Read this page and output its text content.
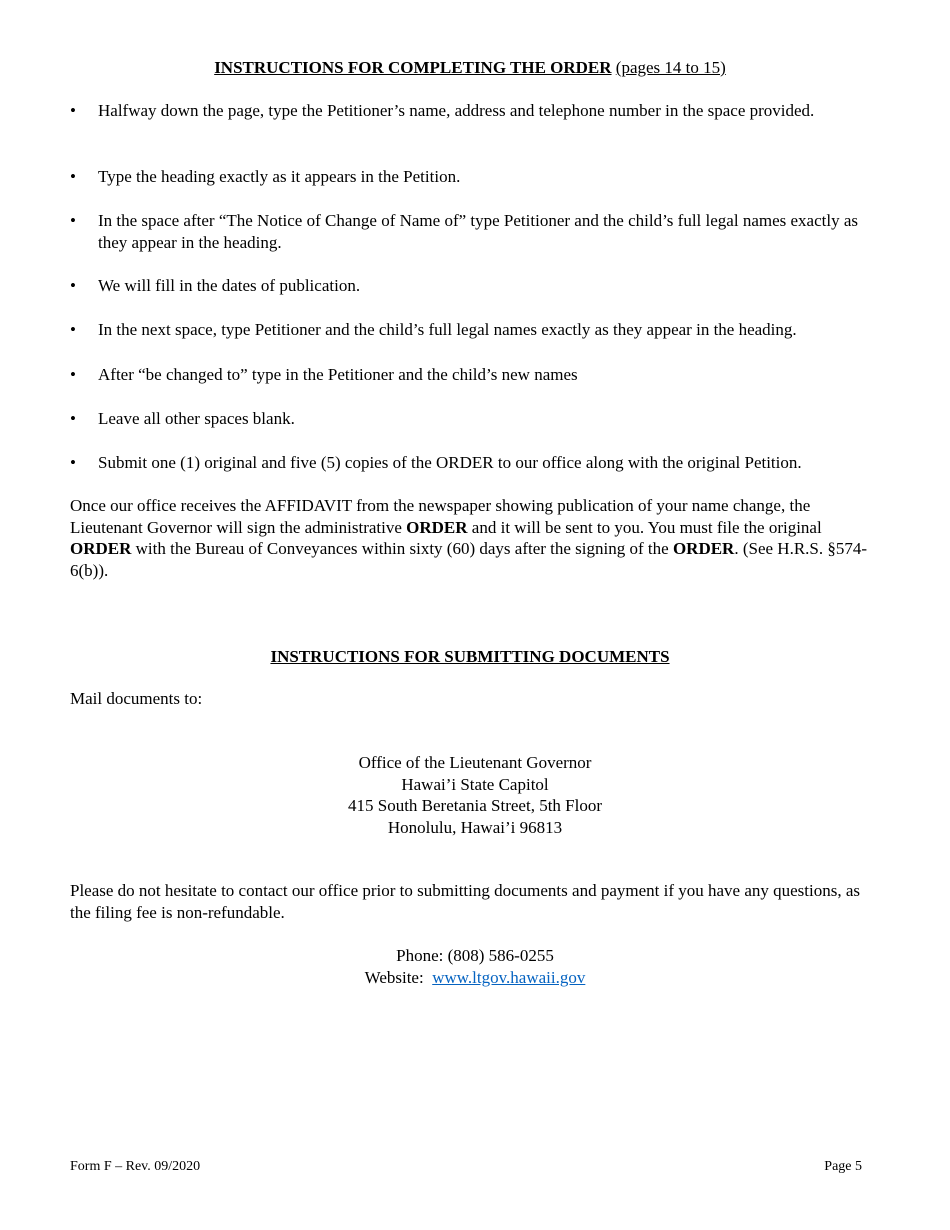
INSTRUCTIONS FOR COMPLETING THE ORDER (pages 14 to 15)
• Halfway down the page, type the Petitioner’s name, address and telephone number in the space provided.
• Type the heading exactly as it appears in the Petition.
• In the space after “The Notice of Change of Name of” type Petitioner and the child’s full legal names exactly as they appear in the heading.
• We will fill in the dates of publication.
• In the next space, type Petitioner and the child’s full legal names exactly as they appear in the heading.
• After “be changed to” type in the Petitioner and the child’s new names
• Leave all other spaces blank.
• Submit one (1) original and five (5) copies of the ORDER to our office along with the original Petition.
Once our office receives the AFFIDAVIT from the newspaper showing publication of your name change, the Lieutenant Governor will sign the administrative ORDER and it will be sent to you. You must file the original ORDER with the Bureau of Conveyances within sixty (60) days after the signing of the ORDER. (See H.R.S. §574-6(b)).
INSTRUCTIONS FOR SUBMITTING DOCUMENTS
Mail documents to:
Office of the Lieutenant Governor
Hawai’i State Capitol
415 South Beretania Street, 5th Floor
Honolulu, Hawai’i 96813
Please do not hesitate to contact our office prior to submitting documents and payment if you have any questions, as the filing fee is non-refundable.
Phone: (808) 586-0255
Website: www.ltgov.hawaii.gov
Form F – Rev. 09/2020	Page 5
